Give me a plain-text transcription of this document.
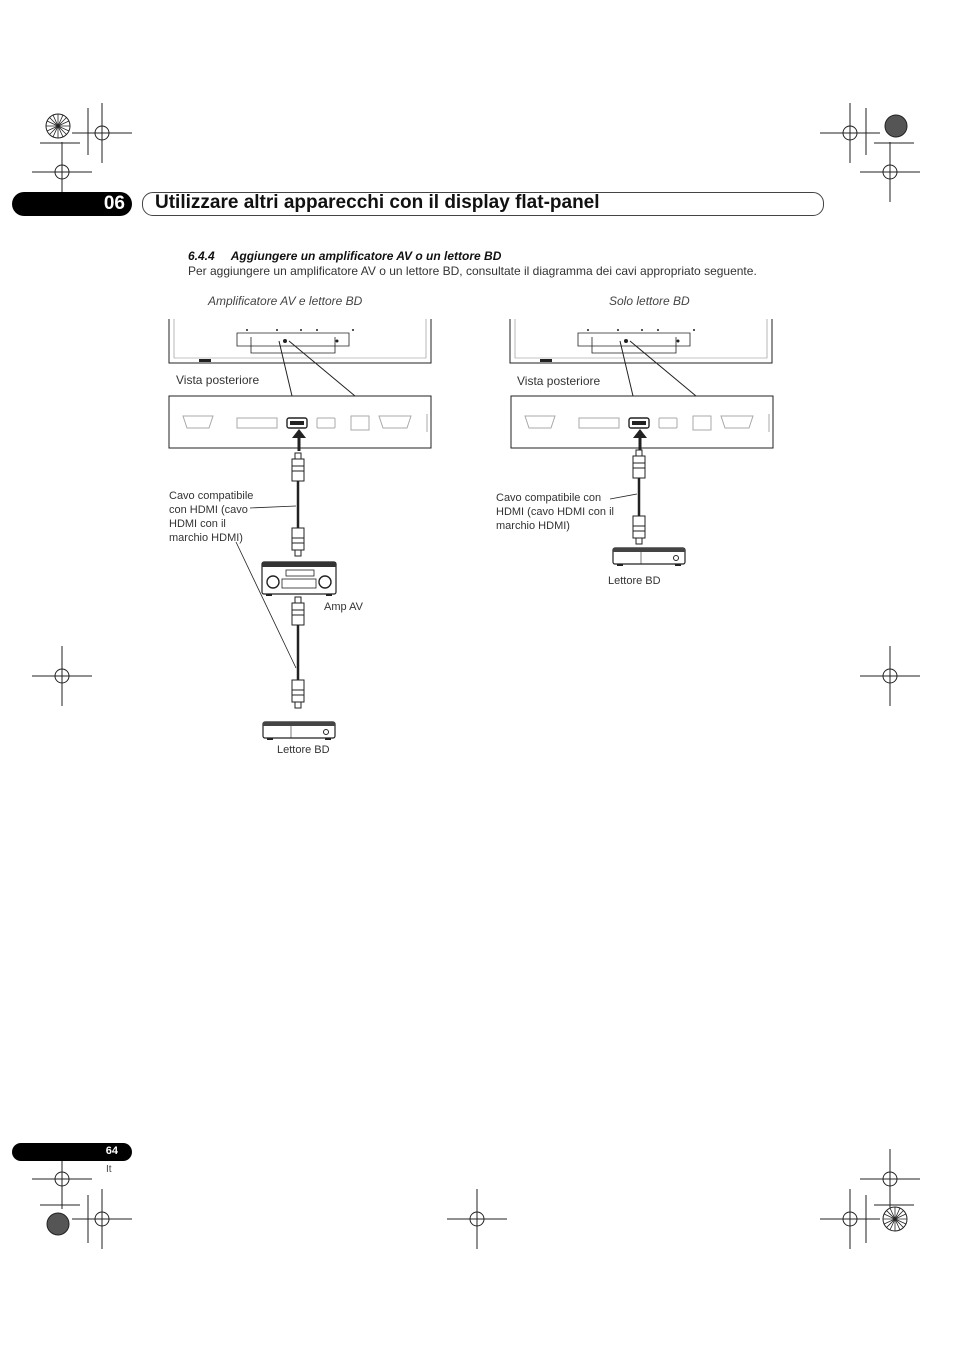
06 Utilizzare altri apparecchi con il display flat-panel
6.4.4 Aggiungere un amplificatore AV o un lettore BD
Per aggiungere un amplificatore AV o un lettore BD, consultate il diagramma dei cavi appropriato seguente.
Amplificatore AV e lettore BD	Solo lettore BD
Vista posteriore
Cavo compatibile con HDMI (cavo HDMI con il marchio HDMI)
Amp AV
Lettore BD
Vista posteriore
Cavo compatibile con HDMI (cavo HDMI con il marchio HDMI)
Lettore BD
64
It
